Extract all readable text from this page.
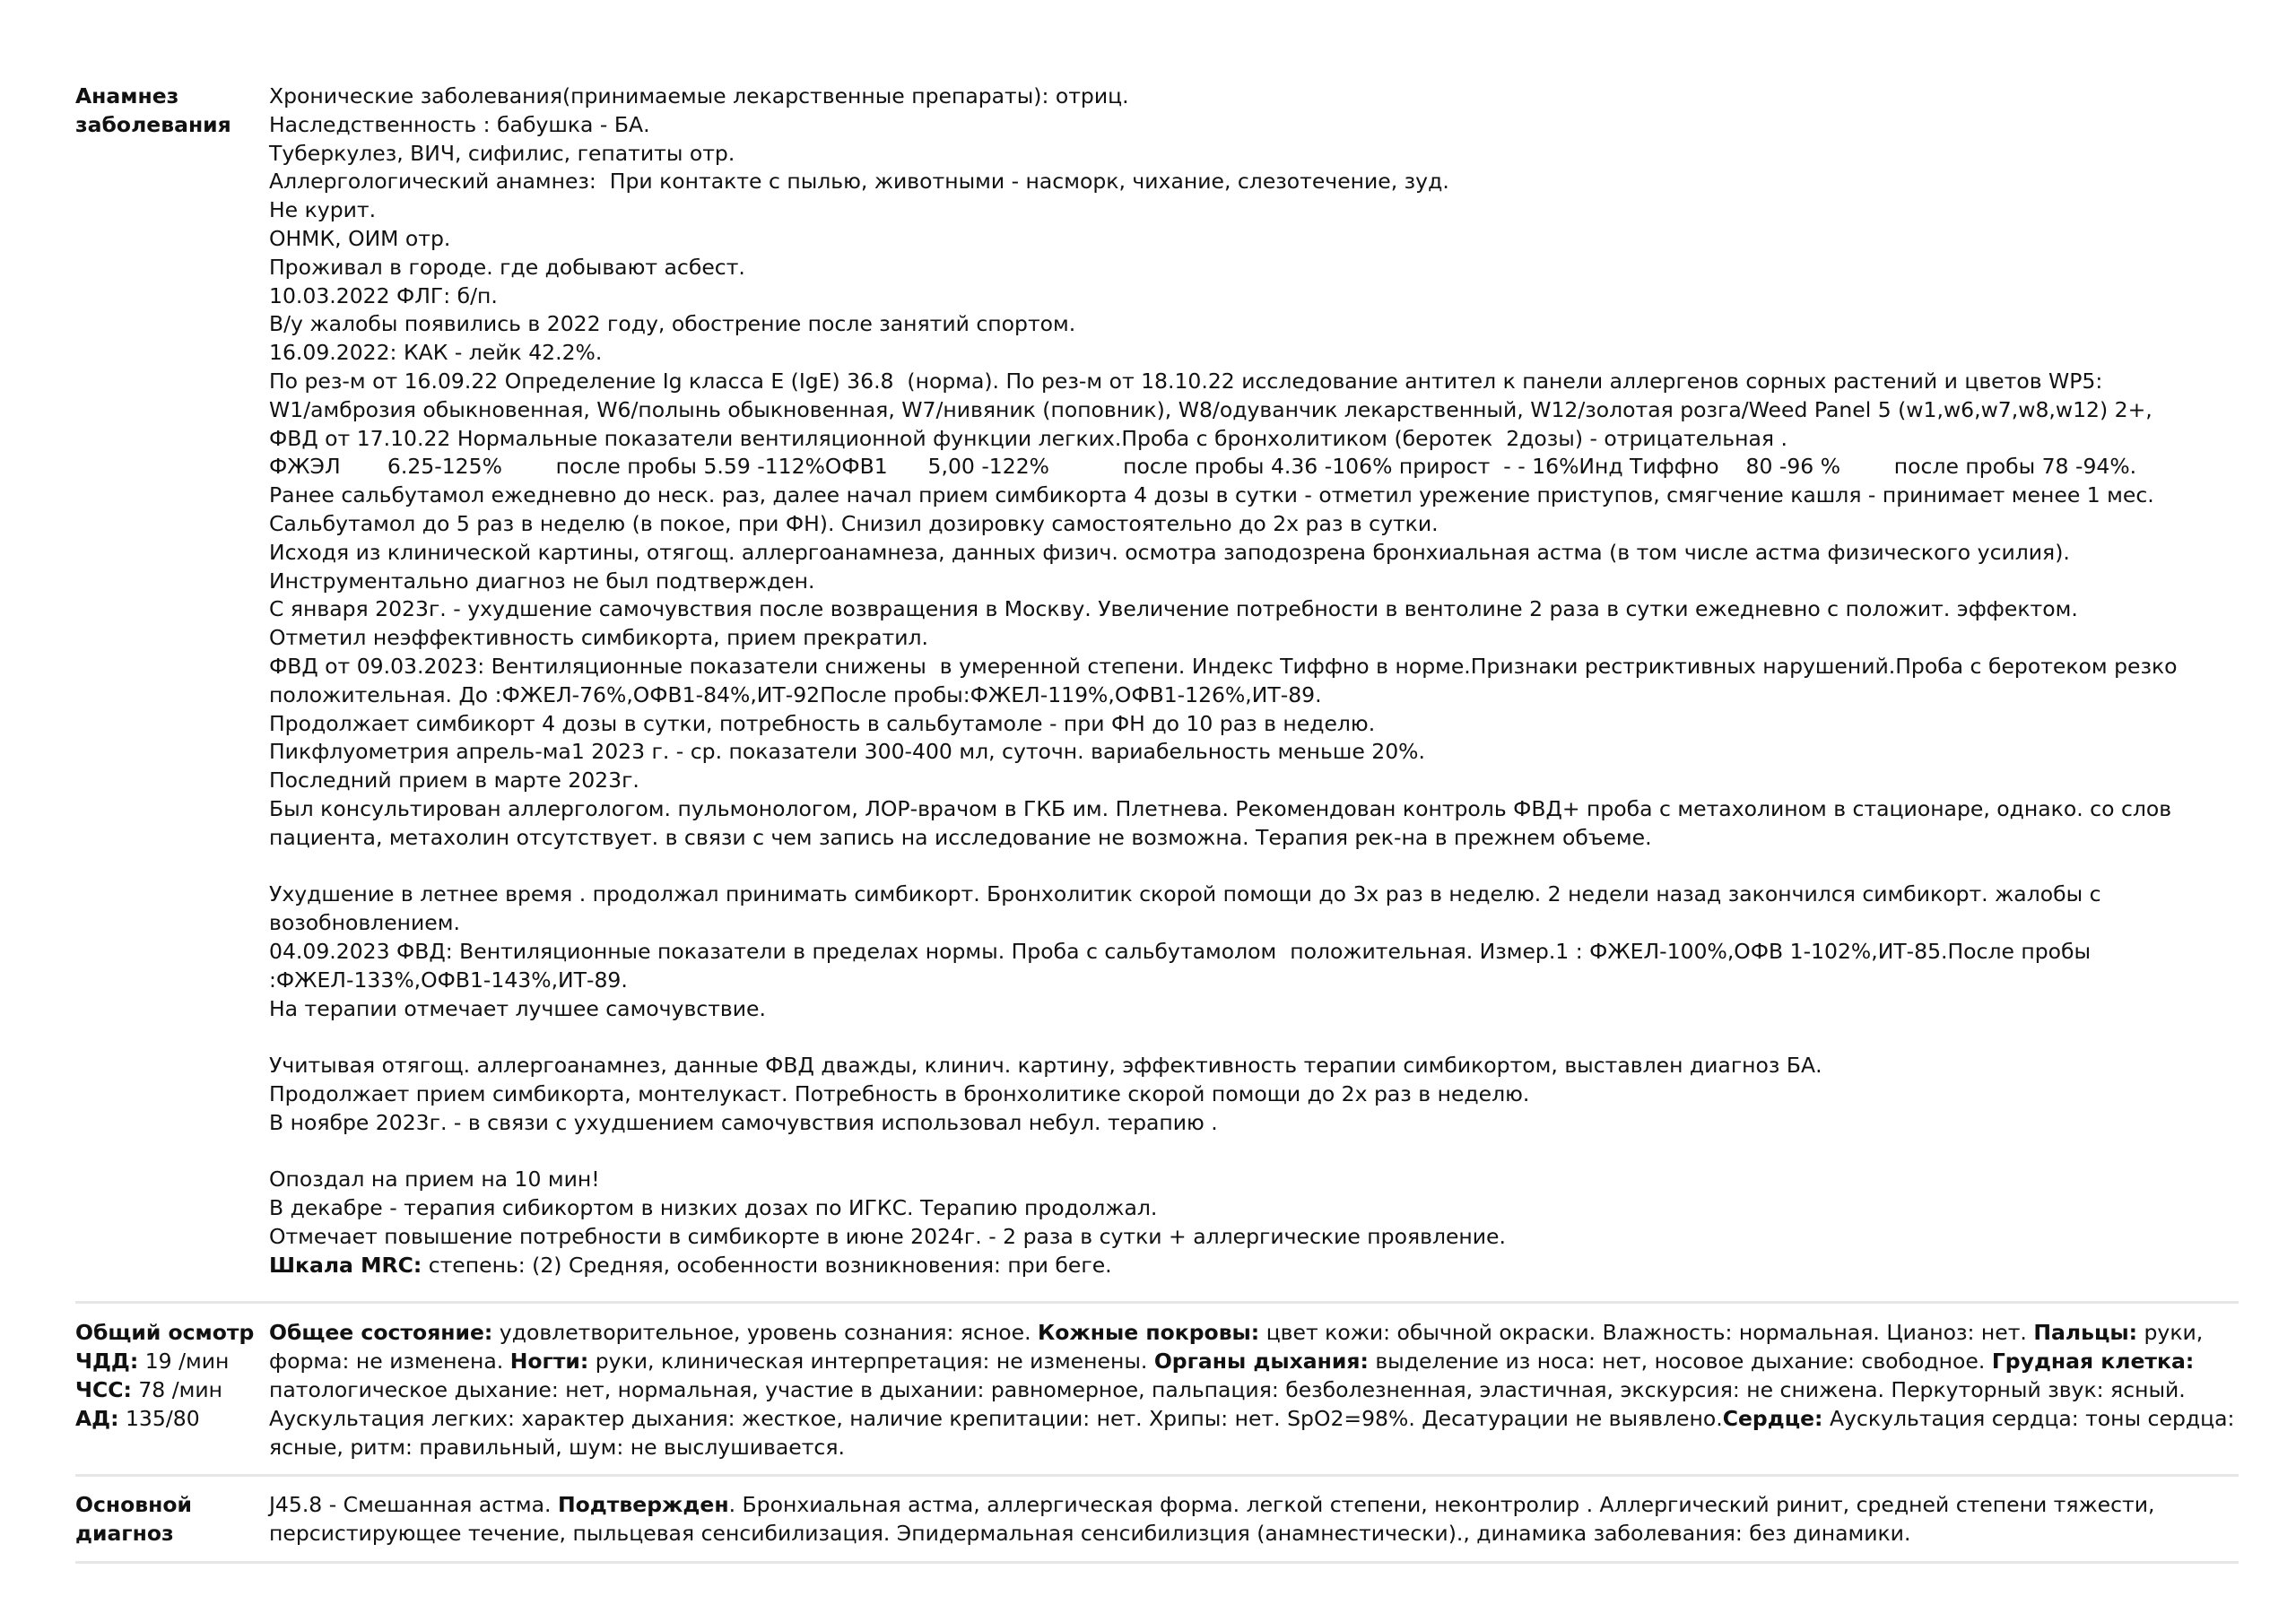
Анамнез
заболевания
Хронические заболевания(принимаемые лекарственные препараты): отриц.
Наследственность : бабушка - БА.
Туберкулез, ВИЧ, сифилис, гепатиты отр.
Аллергологический анамнез:  При контакте с пылью, животными - насморк, чихание, слезотечение, зуд.
Не курит.
ОНМК, ОИМ отр.
Проживал в городе. где добывают асбест.
10.03.2022 ФЛГ: б/п.
В/у жалобы появились в 2022 году, обострение после занятий спортом.
16.09.2022: КАК - лейк 42.2%.
По рез-м от 16.09.22 Определение Ig класса E (IgE) 36.8  (норма). По рез-м от 18.10.22 исследование антител к панели аллергенов сорных растений и цветов WP5:
W1/амброзия обыкновенная, W6/полынь обыкновенная, W7/нивяник (поповник), W8/одуванчик лекарственный, W12/золотая розга/Weed Panel 5 (w1,w6,w7,w8,w12) 2+,
ФВД от 17.10.22 Нормальные показатели вентиляционной функции легких.Проба с бронхолитиком (беротек  2дозы) - отрицательная .
ФЖЭЛ       6.25-125%        после пробы 5.59 -112%ОФВ1      5,00 -122%           после пробы 4.36 -106% прирост  - - 16%Инд Тиффно    80 -96 %        после пробы 78 -94%.
Ранее сальбутамол ежедневно до неск. раз, далее начал прием симбикорта 4 дозы в сутки - отметил урежение приступов, смягчение кашля - принимает менее 1 мес.
Сальбутамол до 5 раз в неделю (в покое, при ФН). Снизил дозировку самостоятельно до 2х раз в сутки.
Исходя из клинической картины, отягощ. аллергоанамнеза, данных физич. осмотра заподозрена бронхиальная астма (в том числе астма физического усилия).
Инструментально диагноз не был подтвержден.
С января 2023г. - ухудшение самочувствия после возвращения в Москву. Увеличение потребности в вентолине 2 раза в сутки ежедневно с положит. эффектом.
Отметил неэффективность симбикорта, прием прекратил.
ФВД от 09.03.2023: Вентиляционные показатели снижены  в умеренной степени. Индекс Тиффно в норме.Признаки рестриктивных нарушений.Проба с беротеком резко
положительная. До :ФЖЕЛ-76%,ОФВ1-84%,ИТ-92После пробы:ФЖЕЛ-119%,ОФВ1-126%,ИТ-89.
Продолжает симбикорт 4 дозы в сутки, потребность в сальбутамоле - при ФН до 10 раз в неделю.
Пикфлуометрия апрель-ма1 2023 г. - ср. показатели 300-400 мл, суточн. вариабельность меньше 20%.
Последний прием в марте 2023г.
Был консультирован аллергологом. пульмонологом, ЛОР-врачом в ГКБ им. Плетнева. Рекомендован контроль ФВД+ проба с метахолином в стационаре, однако. со слов
пациента, метахолин отсутствует. в связи с чем запись на исследование не возможна. Терапия рек-на в прежнем объеме.
Ухудшение в летнее время . продолжал принимать симбикорт. Бронхолитик скорой помощи до 3х раз в неделю. 2 недели назад закончился симбикорт. жалобы с
возобновлением.
04.09.2023 ФВД: Вентиляционные показатели в пределах нормы. Проба с сальбутамолом  положительная. Измер.1 : ФЖЕЛ-100%,ОФВ 1-102%,ИТ-85.После пробы
:ФЖЕЛ-133%,ОФВ1-143%,ИТ-89.
На терапии отмечает лучшее самочувствие.
Учитывая отягощ. аллергоанамнез, данные ФВД дважды, клинич. картину, эффективность терапии симбикортом, выставлен диагноз БА.
Продолжает прием симбикорта, монтелукаст. Потребность в бронхолитике скорой помощи до 2х раз в неделю.
В ноябре 2023г. - в связи с ухудшением самочувствия использовал небул. терапию .
Опоздал на прием на 10 мин!
В декабре - терапия сибикортом в низких дозах по ИГКС. Терапию продолжал.
Отмечает повышение потребности в симбикорте в июне 2024г. - 2 раза в сутки + аллергические проявление.
Шкала MRC: степень: (2) Средняя, особенности возникновения: при беге.
Общий осмотр
ЧДД: 19 /мин
ЧСС: 78 /мин
АД: 135/80
Общее состояние: удовлетворительное, уровень сознания: ясное. Кожные покровы: цвет кожи: обычной окраски. Влажность: нормальная. Цианоз: нет. Пальцы: руки, форма: не изменена. Ногти: руки, клиническая интерпретация: не изменены. Органы дыхания: выделение из носа: нет, носовое дыхание: свободное. Грудная клетка: патологическое дыхание: нет, нормальная, участие в дыхании: равномерное, пальпация: безболезненная, эластичная, экскурсия: не снижена. Перкуторный звук: ясный. Аускультация легких: характер дыхания: жесткое, наличие крепитации: нет. Хрипы: нет. SpO2=98%. Десатурации не выявлено.Сердце: Аускультация сердца: тоны сердца: ясные, ритм: правильный, шум: не выслушивается.
Основной
диагноз
J45.8 - Смешанная астма. Подтвержден. Бронхиальная астма, аллергическая форма. легкой степени, неконтролир . Аллергический ринит, средней степени тяжести, персистирующее течение, пыльцевая сенсибилизация. Эпидермальная сенсибилизция (анамнестически)., динамика заболевания: без динамики.
